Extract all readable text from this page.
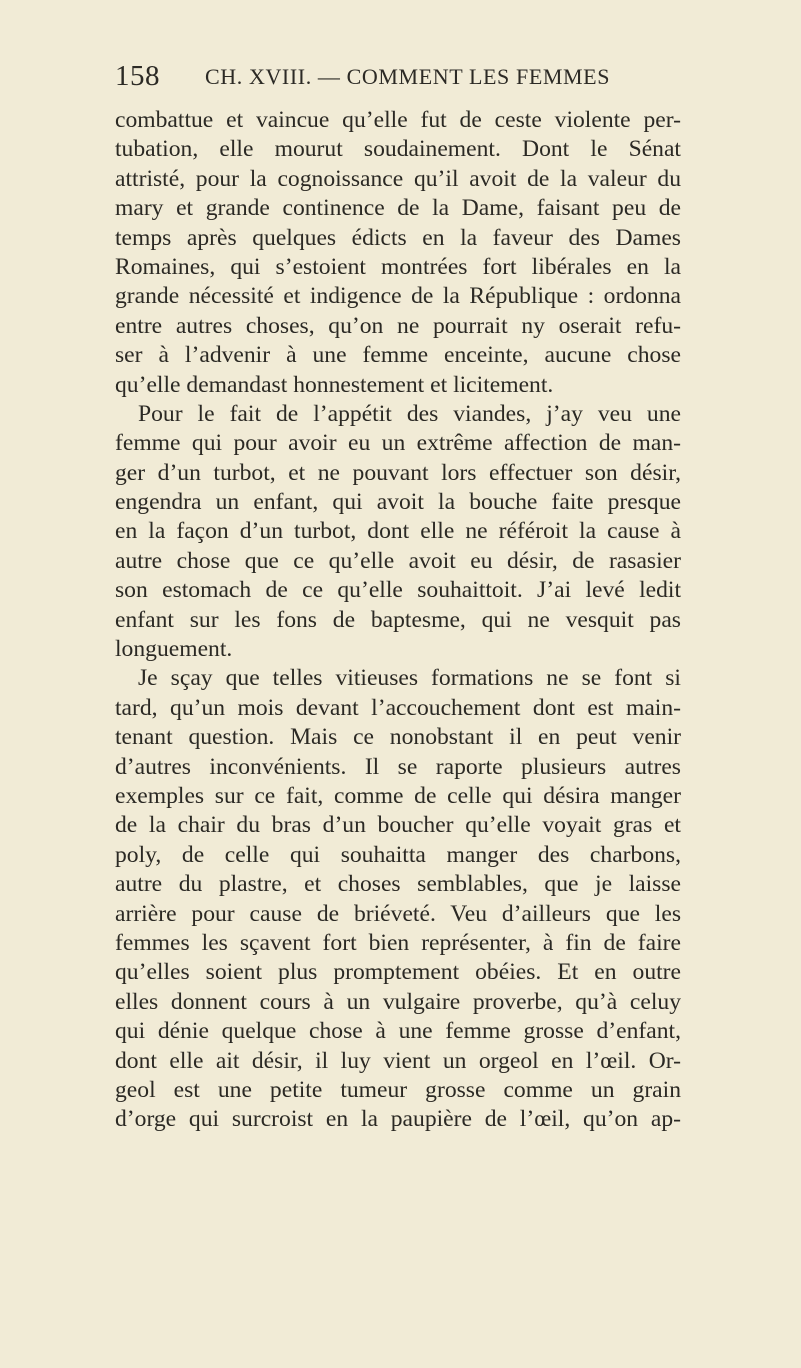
158 CH. XVIII. — COMMENT LES FEMMES
combattue et vaincue qu’elle fut de ceste violente per-
tubation, elle mourut soudainement. Dont le Sénat
attristé, pour la cognoissance qu’il avoit de la valeur du
mary et grande continence de la Dame, faisant peu de
temps après quelques édicts en la faveur des Dames
Romaines, qui s’estoient montrées fort libérales en la
grande nécessité et indigence de la République : ordonna
entre autres choses, qu’on ne pourrait ny oserait refu-
ser à l’advenir à une femme enceinte, aucune chose
qu’elle demandast honnestement et licitement.
Pour le fait de l’appétit des viandes, j’ay veu une
femme qui pour avoir eu un extrême affection de man-
ger d’un turbot, et ne pouvant lors effectuer son désir,
engendra un enfant, qui avoit la bouche faite presque
en la façon d’un turbot, dont elle ne référoit la cause à
autre chose que ce qu’elle avoit eu désir, de rasasier
son estomach de ce qu’elle souhaittoit. J’ai levé ledit
enfant sur les fons de baptesme, qui ne vesquit pas
longuement.
Je sçay que telles vitieuses formations ne se font si
tard, qu’un mois devant l’accouchement dont est main-
tenant question. Mais ce nonobstant il en peut venir
d’autres inconvénients. Il se raporte plusieurs autres
exemples sur ce fait, comme de celle qui désira manger
de la chair du bras d’un boucher qu’elle voyait gras et
poly, de celle qui souhaitta manger des charbons,
autre du plastre, et choses semblables, que je laisse
arrière pour cause de briéveté. Veu d’ailleurs que les
femmes les sçavent fort bien représenter, à fin de faire
qu’elles soient plus promptement obéies. Et en outre
elles donnent cours à un vulgaire proverbe, qu’à celuy
qui dénie quelque chose à une femme grosse d’enfant,
dont elle ait désir, il luy vient un orgeol en l’œil. Or-
geol est une petite tumeur grosse comme un grain
d’orge qui surcroist en la paupière de l’œil, qu’on ap-
